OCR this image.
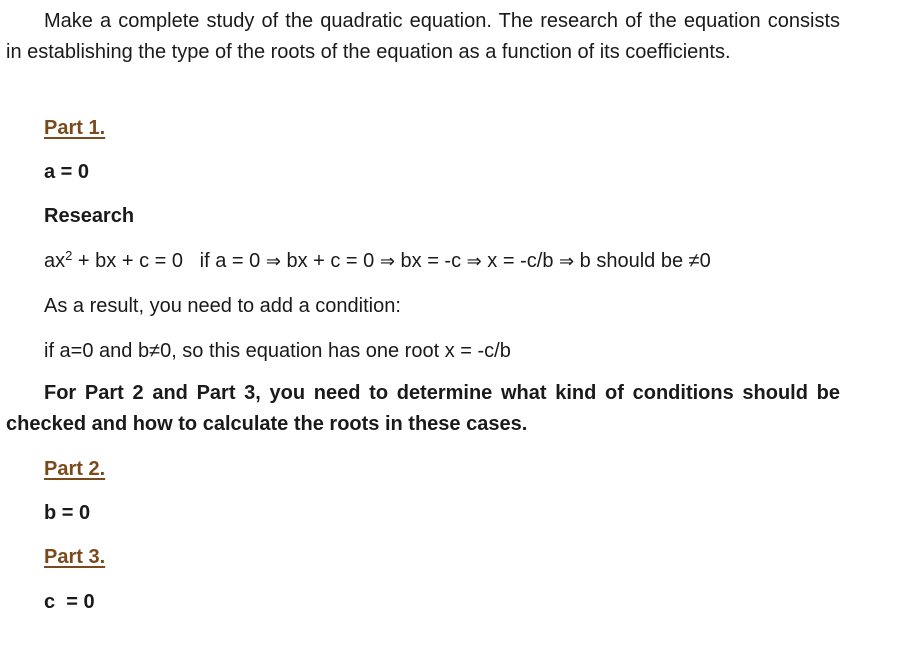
Make a complete study of the quadratic equation. The research of the equation consists in establishing the type of the roots of the equation as a function of its coefficients.
Part 1.
a = 0
Research
$ax^2$ + bx + c = 0   if a = 0 ⇒ bx + c = 0 ⇒ bx = -c ⇒ x = -c/b ⇒ b should be ≠0
As a result, you need to add a condition:
if a=0 and b≠0, so this equation has one root x = -c/b
For Part 2 and Part 3, you need to determine what kind of conditions should be checked and how to calculate the roots in these cases.
Part 2.
b = 0
Part 3.
c  = 0
